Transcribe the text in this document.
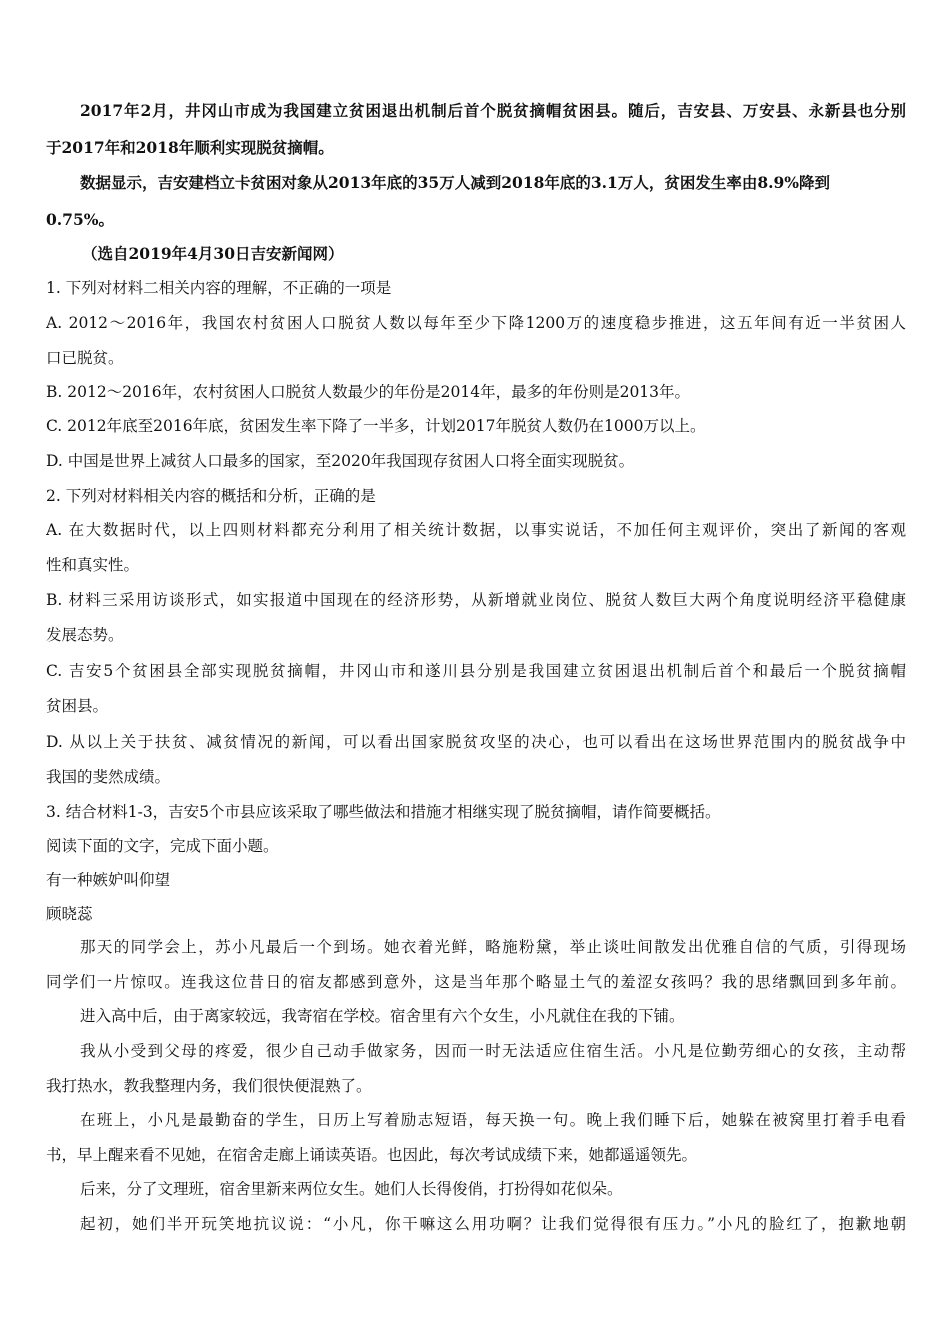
2017年2月，井冈山市成为我国建立贫困退出机制后首个脱贫摘帽贫困县。随后，吉安县、万安县、永新县也分别
于2017年和2018年顺利实现脱贫摘帽。
数据显示，吉安建档立卡贫困对象从2013年底的35万人减到2018年底的3.1万人，贫困发生率由8.9%降到
0.75%。
（选自2019年4月30日吉安新闻网）
1. 下列对材料二相关内容的理解，不正确的一项是
A. 2012～2016年，我国农村贫困人口脱贫人数以每年至少下降1200万的速度稳步推进，这五年间有近一半贫困人
口已脱贫。
B. 2012～2016年，农村贫困人口脱贫人数最少的年份是2014年，最多的年份则是2013年。
C. 2012年底至2016年底，贫困发生率下降了一半多，计划2017年脱贫人数仍在1000万以上。
D. 中国是世界上减贫人口最多的国家，至2020年我国现存贫困人口将全面实现脱贫。
2. 下列对材料相关内容的概括和分析，正确的是
A. 在大数据时代，以上四则材料都充分利用了相关统计数据，以事实说话，不加任何主观评价，突出了新闻的客观
性和真实性。
B. 材料三采用访谈形式，如实报道中国现在的经济形势，从新增就业岗位、脱贫人数巨大两个角度说明经济平稳健康
发展态势。
C. 吉安5个贫困县全部实现脱贫摘帽，井冈山市和遂川县分别是我国建立贫困退出机制后首个和最后一个脱贫摘帽
贫困县。
D. 从以上关于扶贫、减贫情况的新闻，可以看出国家脱贫攻坚的决心，也可以看出在这场世界范围内的脱贫战争中
我国的斐然成绩。
3. 结合材料1-3，吉安5个市县应该采取了哪些做法和措施才相继实现了脱贫摘帽，请作简要概括。
阅读下面的文字，完成下面小题。
有一种嫉妒叫仰望
顾晓蕊
那天的同学会上，苏小凡最后一个到场。她衣着光鲜，略施粉黛，举止谈吐间散发出优雅自信的气质，引得现场
同学们一片惊叹。连我这位昔日的宿友都感到意外，这是当年那个略显土气的羞涩女孩吗？我的思绪飘回到多年前。
进入高中后，由于离家较远，我寄宿在学校。宿舍里有六个女生，小凡就住在我的下铺。
我从小受到父母的疼爱，很少自己动手做家务，因而一时无法适应住宿生活。小凡是位勤劳细心的女孩，主动帮
我打热水，教我整理内务，我们很快便混熟了。
在班上，小凡是最勤奋的学生，日历上写着励志短语，每天换一句。晚上我们睡下后，她躲在被窝里打着手电看
书，早上醒来看不见她，在宿舍走廊上诵读英语。也因此，每次考试成绩下来，她都遥遥领先。
后来，分了文理班，宿舍里新来两位女生。她们人长得俊俏，打扮得如花似朵。
起初，她们半开玩笑地抗议说：“小凡，你干嘛这么用功啊？让我们觉得很有压力。”小凡的脸红了，抱歉地朝
